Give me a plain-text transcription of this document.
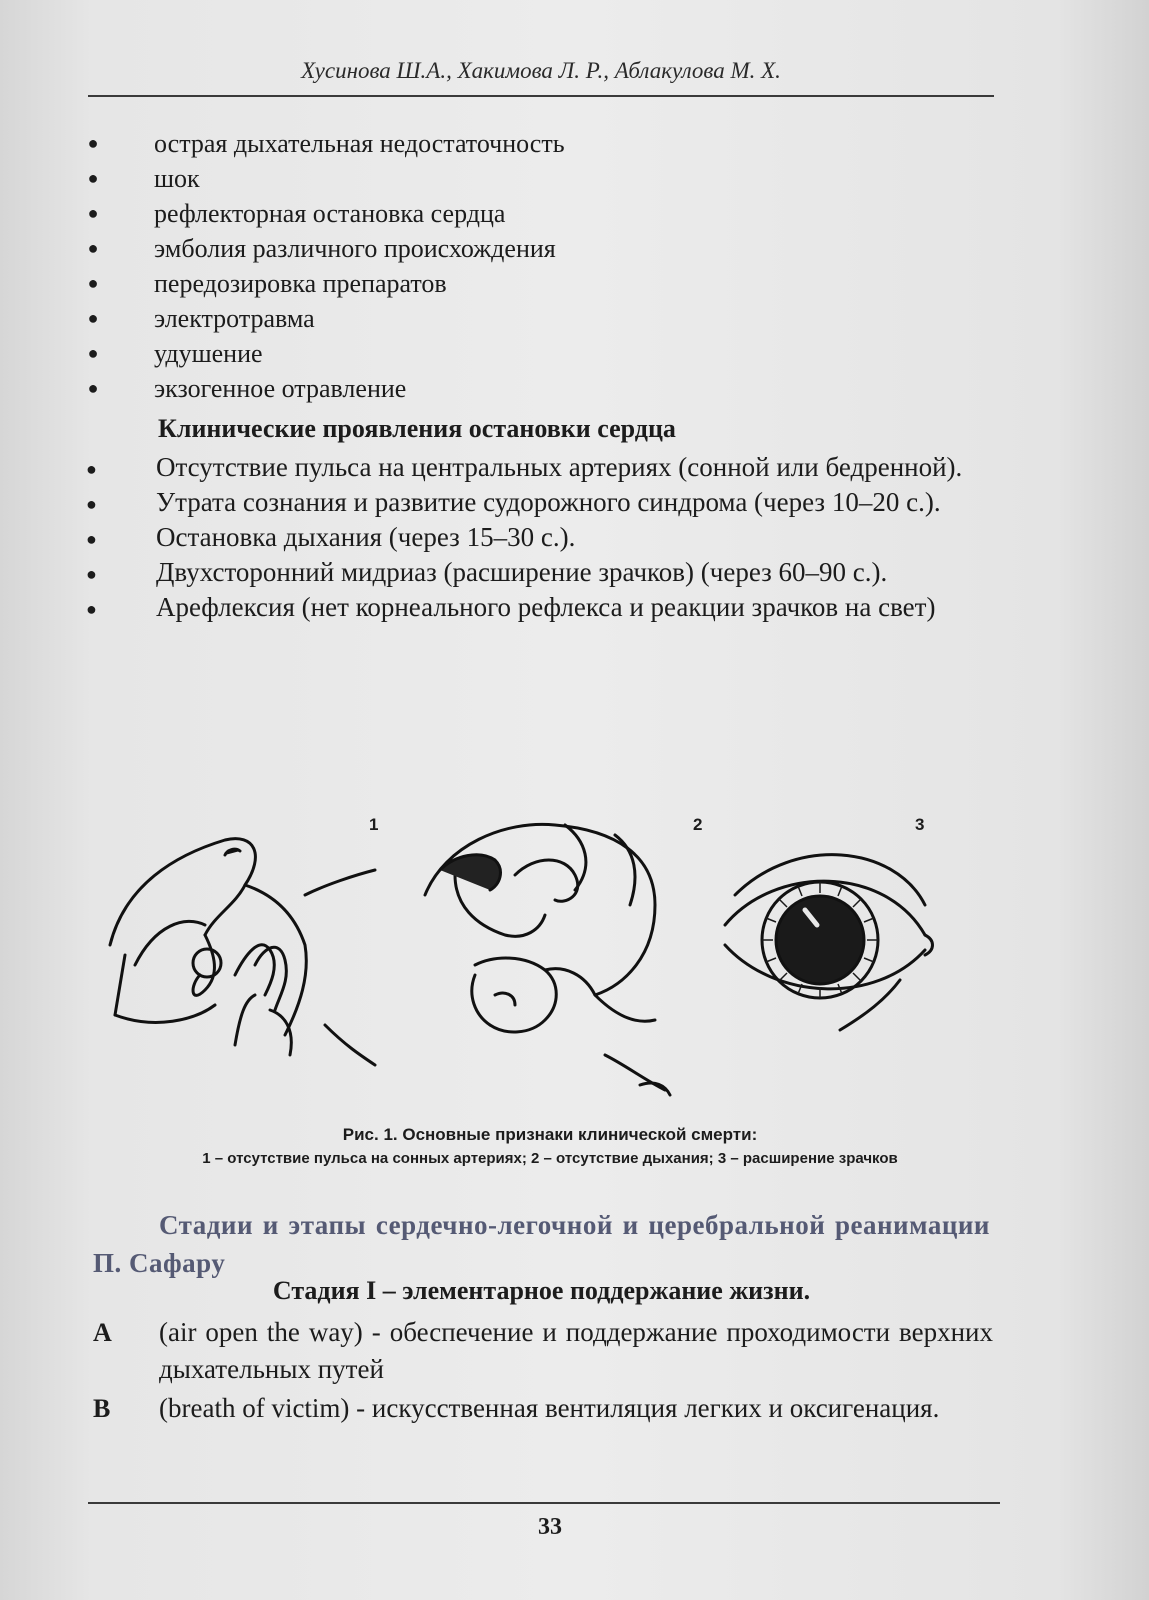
Хусинова Ш.А., Хакимова Л. Р., Аблакулова М. Х.
● острая дыхательная недостаточность
● шок
● рефлекторная остановка сердца
● эмболия различного происхождения
● передозировка препаратов
● электротравма
● удушение
● экзогенное отравление
Клинические проявления остановки сердца
● Отсутствие пульса на центральных артериях (сонной или бедренной).
● Утрата сознания и развитие судорожного синдрома (через 10–20 с.).
● Остановка дыхания (через 15–30 с.).
● Двухсторонний мидриаз (расширение зрачков) (через 60–90 с.).
● Арефлексия (нет корнеального рефлекса и реакции зрачков на свет)
1	2	3
Рис. 1. Основные признаки клинической смерти:
1 – отсутствие пульса на сонных артериях; 2 – отсутствие дыхания; 3 – расширение зрачков
Стадии и этапы сердечно-легочной и церебральной реанимации П. Сафару
Стадия I – элементарное поддержание жизни.
A (air open the way) - обеспечение и поддержание проходимости верхних дыхательных путей
B (breath of victim) - искусственная вентиляция легких и оксигенация.
33
